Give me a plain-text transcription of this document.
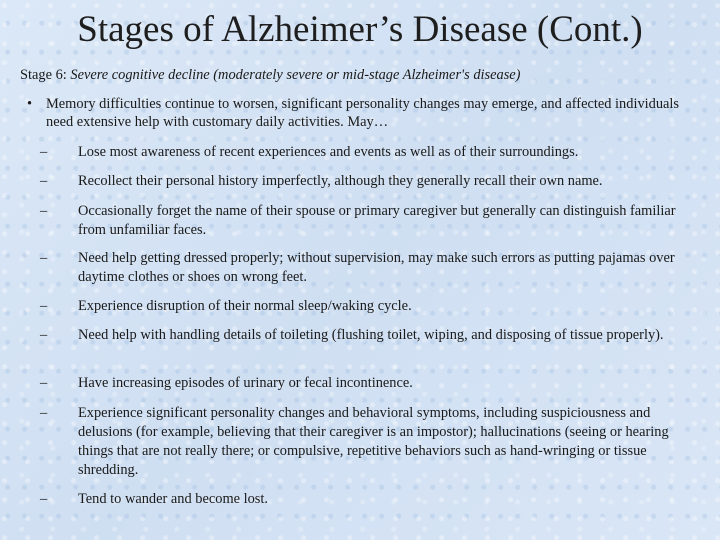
Stages of Alzheimer’s Disease (Cont.)
Stage 6: Severe cognitive decline (moderately severe or mid-stage Alzheimer's disease)
• Memory difficulties continue to worsen, significant personality changes may emerge, and affected individuals need extensive help with customary daily activities. May…
– Lose most awareness of recent experiences and events as well as of their surroundings.
– Recollect their personal history imperfectly, although they generally recall their own name.
– Occasionally forget the name of their spouse or primary caregiver but generally can distinguish familiar from unfamiliar faces.
– Need help getting dressed properly; without supervision, may make such errors as putting pajamas over daytime clothes or shoes on wrong feet.
– Experience disruption of their normal sleep/waking cycle.
– Need help with handling details of toileting (flushing toilet, wiping, and disposing of tissue properly).
– Have increasing episodes of urinary or fecal incontinence.
– Experience significant personality changes and behavioral symptoms, including suspiciousness and delusions (for example, believing that their caregiver is an impostor); hallucinations (seeing or hearing things that are not really there; or compulsive, repetitive behaviors such as hand-wringing or tissue shredding.
– Tend to wander and become lost.
